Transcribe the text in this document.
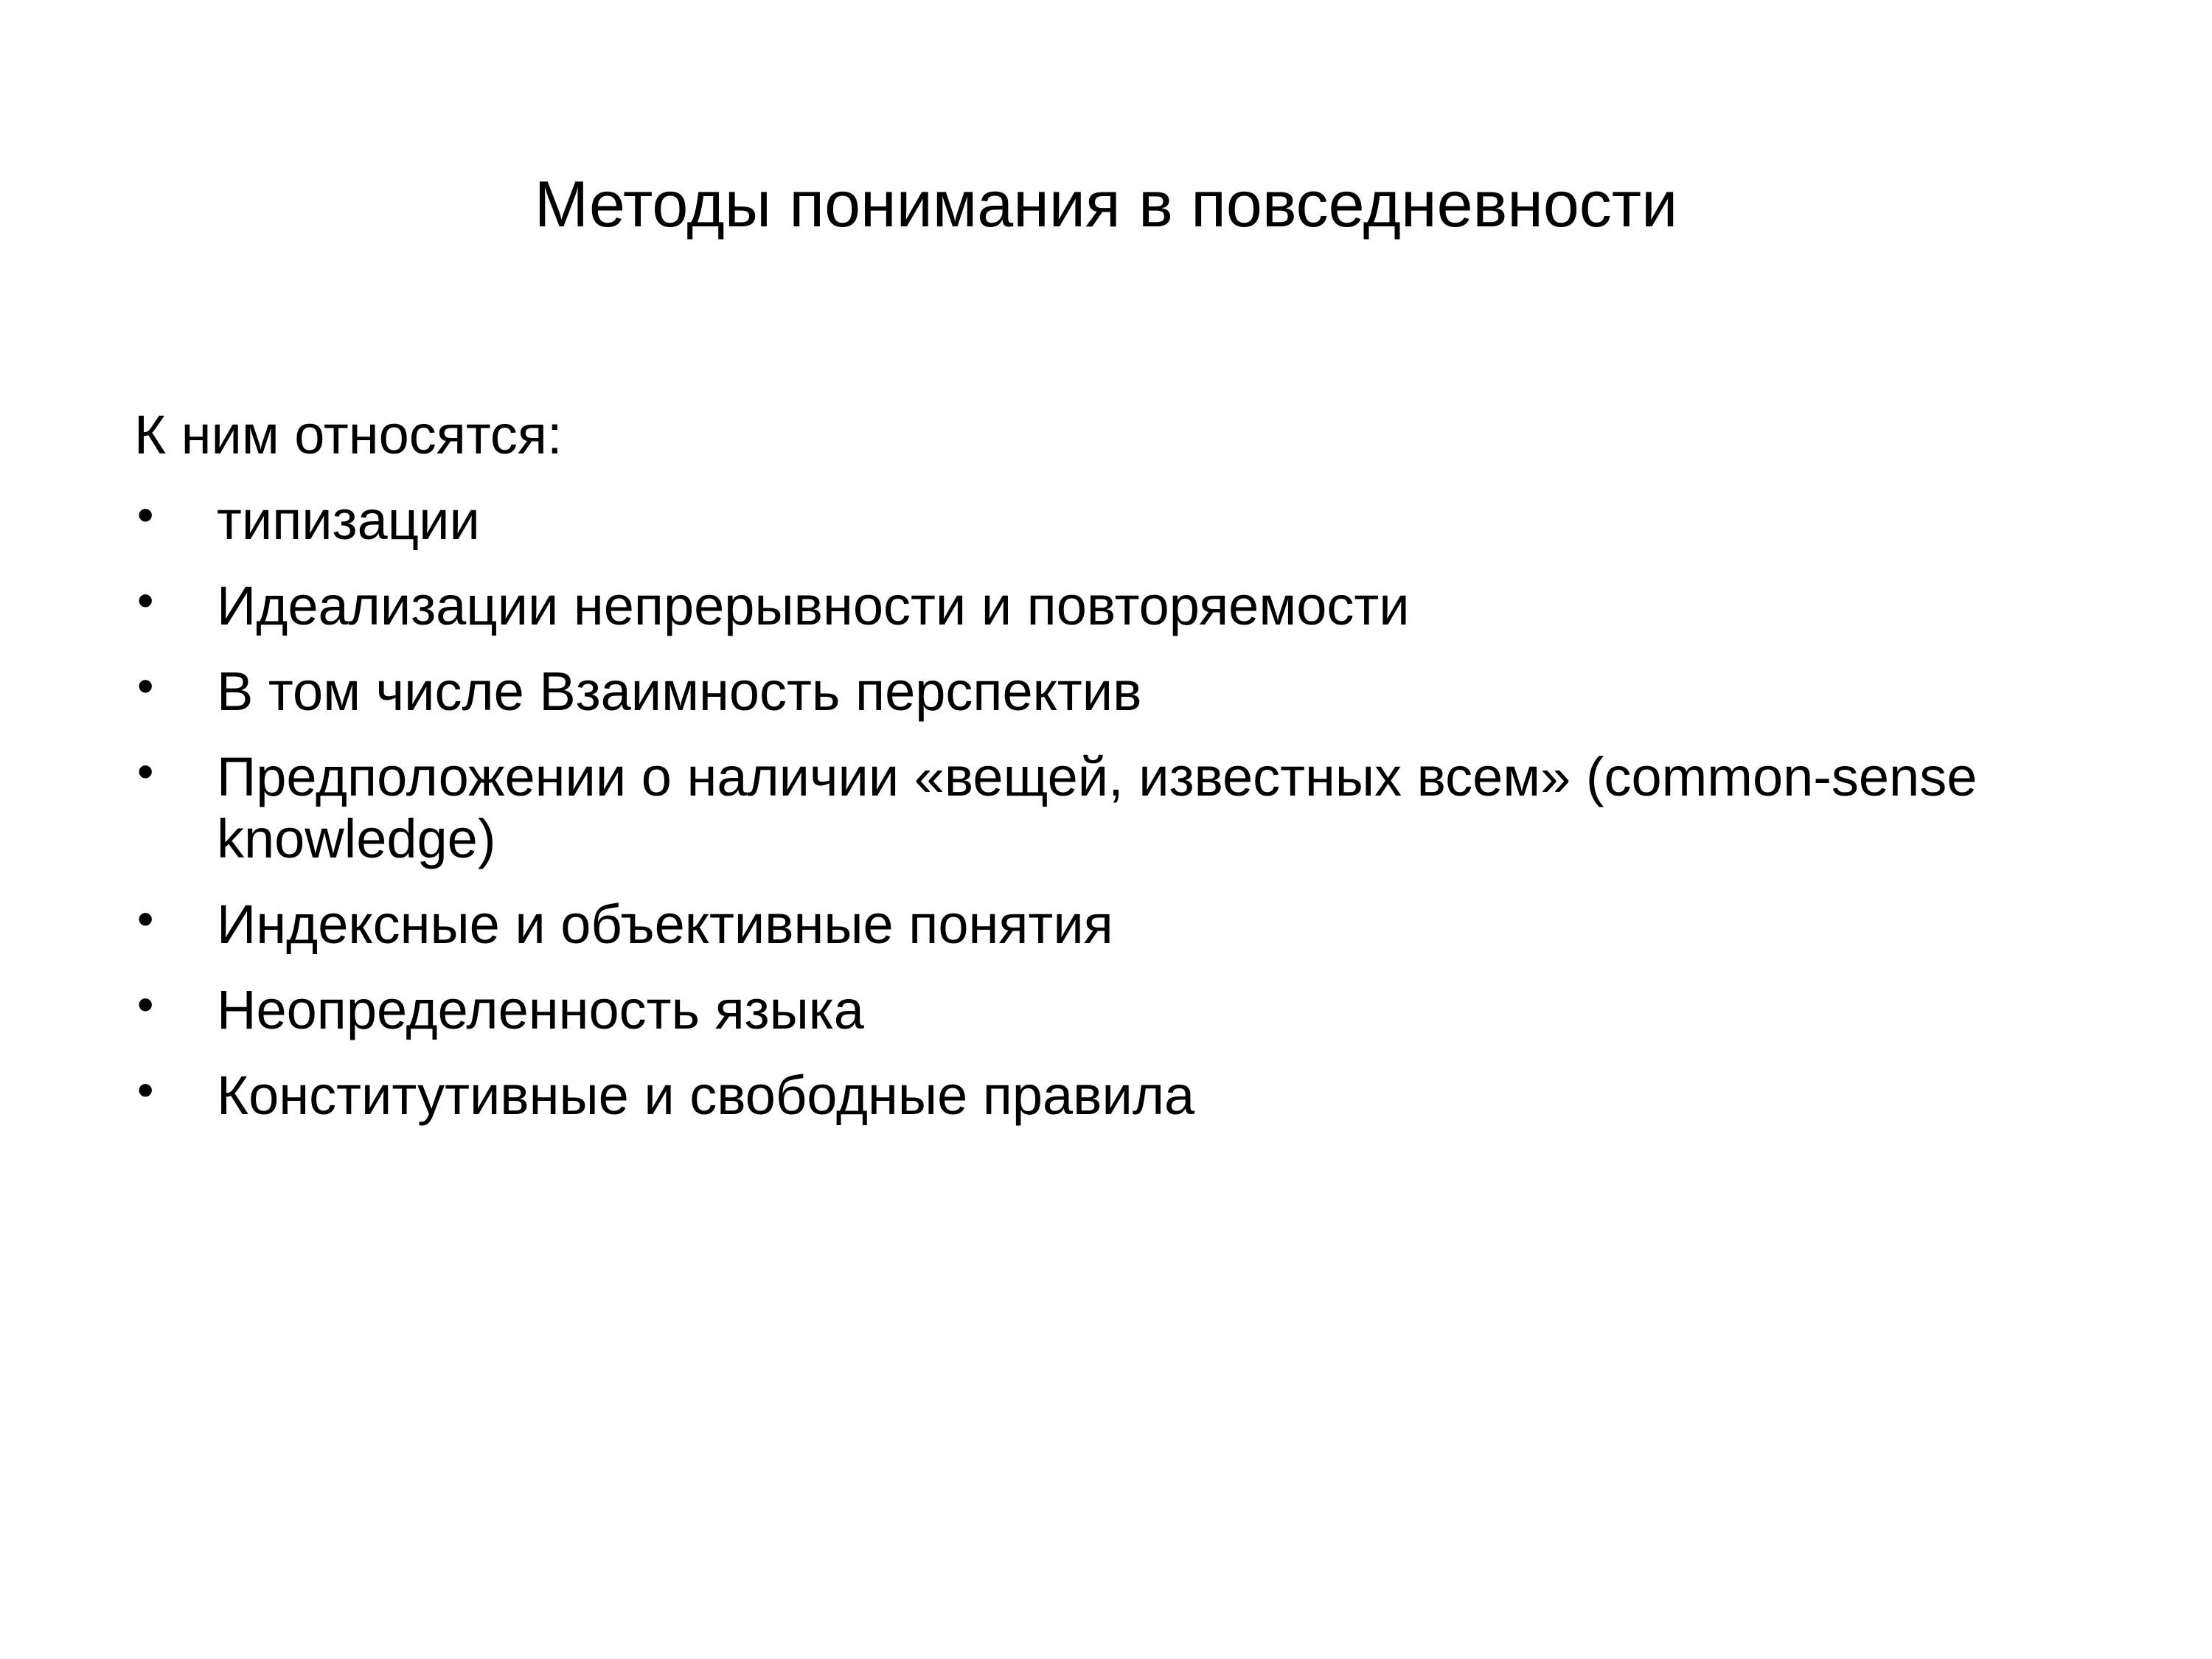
Методы понимания в повседневности

К ним относятся:

• типизации
• Идеализации непрерывности и повторяемости
• В том числе Взаимность перспектив
• Предположении о наличии «вещей, известных всем» (common-sense knowledge)
• Индексные и объективные понятия
• Неопределенность языка
• Конститутивные и свободные правила
